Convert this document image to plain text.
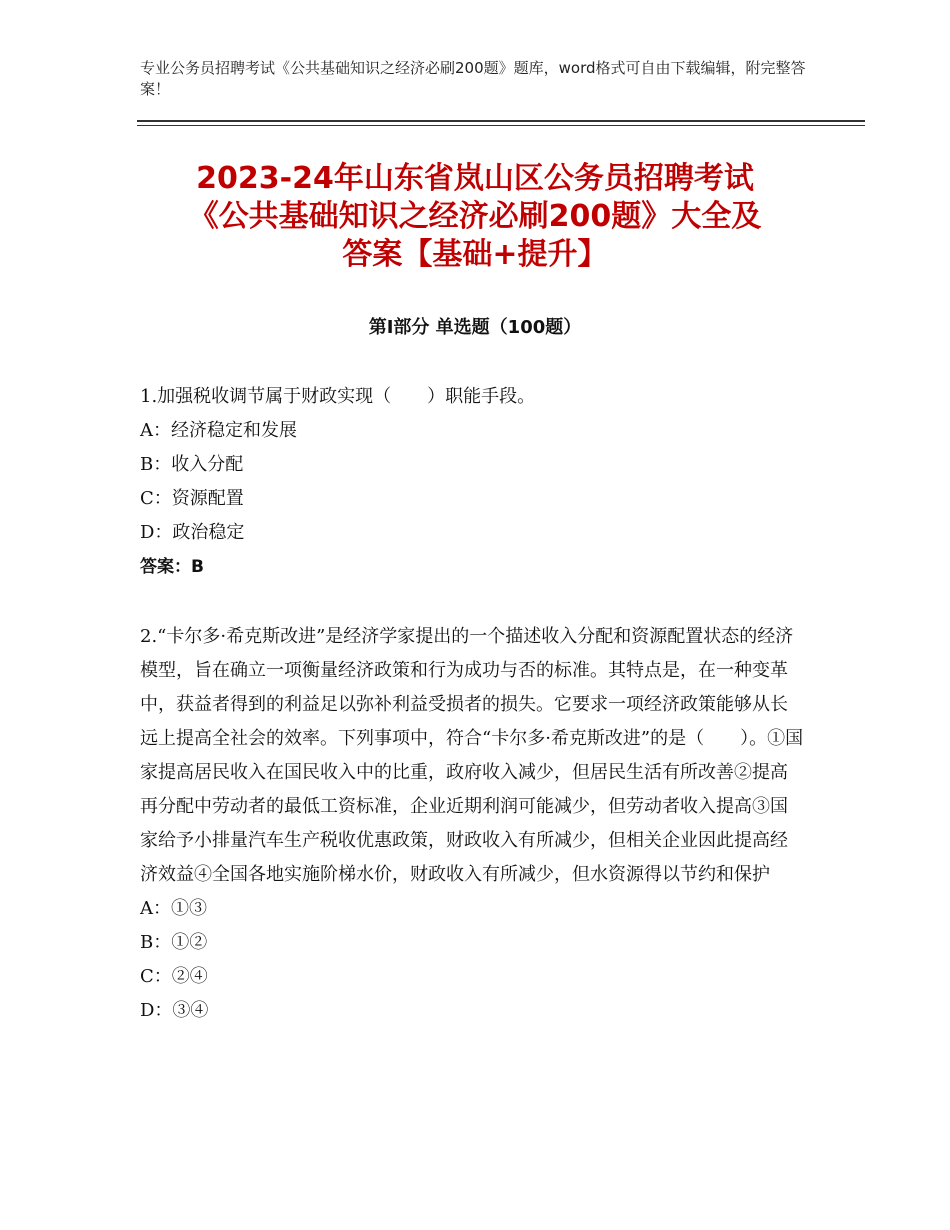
专业公务员招聘考试《公共基础知识之经济必刷200题》题库，word格式可自由下载编辑，附完整答案！
2023-24年山东省岚山区公务员招聘考试
《公共基础知识之经济必刷200题》大全及
答案【基础+提升】
第Ⅰ部分 单选题（100题）

1.加强税收调节属于财政实现（　　）职能手段。

A：经济稳定和发展

B：收入分配

C：资源配置

D：政治稳定

答案：B

2.“卡尔多·希克斯改进”是经济学家提出的一个描述收入分配和资源配置状态的经济模型，旨在确立一项衡量经济政策和行为成功与否的标准。其特点是，在一种变革中，获益者得到的利益足以弥补利益受损者的损失。它要求一项经济政策能够从长远上提高全社会的效率。下列事项中，符合“卡尔多·希克斯改进”的是（　　）。①国家提高居民收入在国民收入中的比重，政府收入减少，但居民生活有所改善②提高再分配中劳动者的最低工资标准，企业近期利润可能减少，但劳动者收入提高③国家给予小排量汽车生产税收优惠政策，财政收入有所减少，但相关企业因此提高经济效益④全国各地实施阶梯水价，财政收入有所减少，但水资源得以节约和保护

A：①③

B：①②

C：②④

D：③④
